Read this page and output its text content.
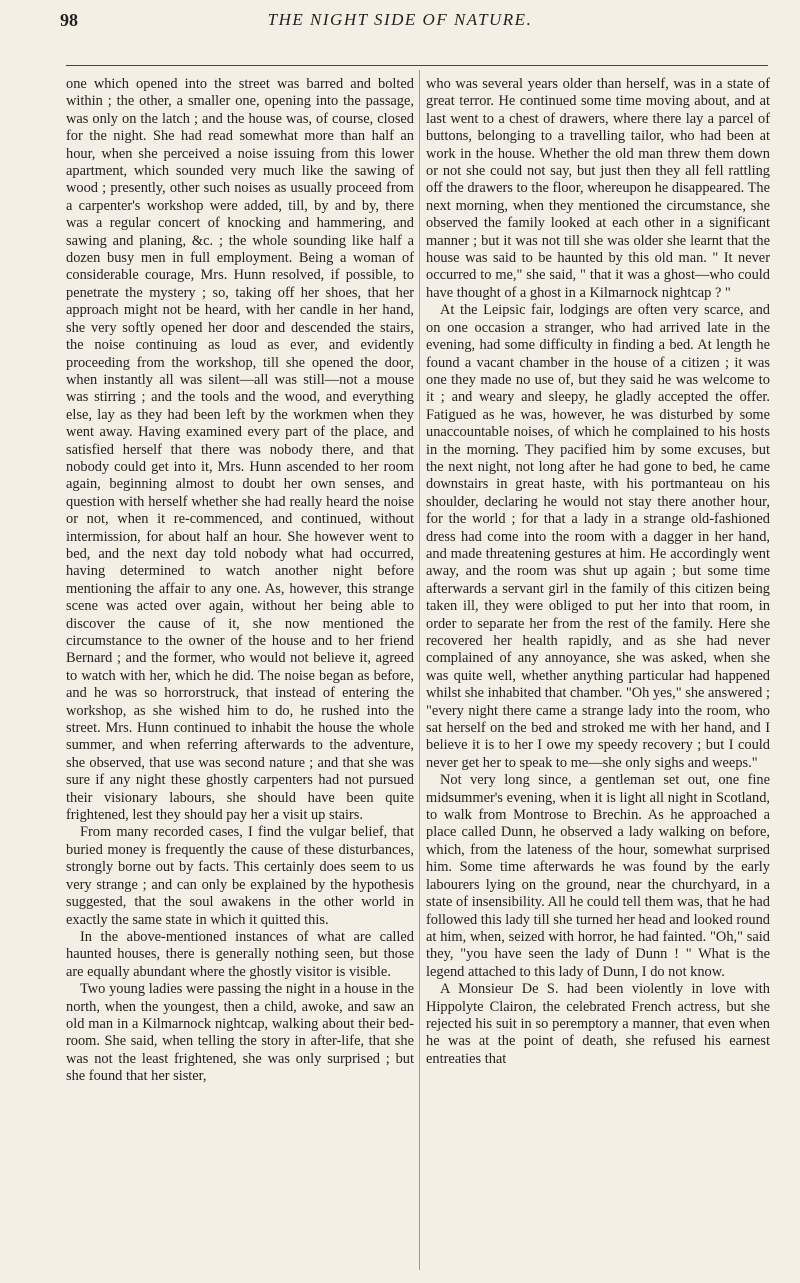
98	THE NIGHT SIDE OF NATURE.

one which opened into the street was barred and bolted within ; the other, a smaller one, opening into the passage, was only on the latch ; and the house was, of course, closed for the night. She had read somewhat more than half an hour, when she perceived a noise issuing from this lower apartment, which sounded very much like the sawing of wood ; presently, other such noises as usually proceed from a carpenter's workshop were added, till, by and by, there was a regular concert of knocking and hammering, and sawing and planing, &c. ; the whole sounding like half a dozen busy men in full employment. Being a woman of considerable courage, Mrs. Hunn resolved, if possible, to penetrate the mystery ; so, taking off her shoes, that her approach might not be heard, with her candle in her hand, she very softly opened her door and descended the stairs, the noise continuing as loud as ever, and evidently proceeding from the workshop, till she opened the door, when instantly all was silent—all was still—not a mouse was stirring ; and the tools and the wood, and everything else, lay as they had been left by the workmen when they went away. Having examined every part of the place, and satisfied herself that there was nobody there, and that nobody could get into it, Mrs. Hunn ascended to her room again, beginning almost to doubt her own senses, and question with herself whether she had really heard the noise or not, when it re-commenced, and continued, without intermission, for about half an hour. She however went to bed, and the next day told nobody what had occurred, having determined to watch another night before mentioning the affair to any one. As, however, this strange scene was acted over again, without her being able to discover the cause of it, she now mentioned the circumstance to the owner of the house and to her friend Bernard ; and the former, who would not believe it, agreed to watch with her, which he did. The noise began as before, and he was so horrorstruck, that instead of entering the workshop, as she wished him to do, he rushed into the street. Mrs. Hunn continued to inhabit the house the whole summer, and when referring afterwards to the adventure, she observed, that use was second nature ; and that she was sure if any night these ghostly carpenters had not pursued their visionary labours, she should have been quite frightened, lest they should pay her a visit up stairs.

From many recorded cases, I find the vulgar belief, that buried money is frequently the cause of these disturbances, strongly borne out by facts. This certainly does seem to us very strange ; and can only be explained by the hypothesis suggested, that the soul awakens in the other world in exactly the same state in which it quitted this.

In the above-mentioned instances of what are called haunted houses, there is generally nothing seen, but those are equally abundant where the ghostly visitor is visible.

Two young ladies were passing the night in a house in the north, when the youngest, then a child, awoke, and saw an old man in a Kilmarnock nightcap, walking about their bed-room. She said, when telling the story in after-life, that she was not the least frightened, she was only surprised ; but she found that her sister,

who was several years older than herself, was in a state of great terror. He continued some time moving about, and at last went to a chest of drawers, where there lay a parcel of buttons, belonging to a travelling tailor, who had been at work in the house. Whether the old man threw them down or not she could not say, but just then they all fell rattling off the drawers to the floor, whereupon he disappeared. The next morning, when they mentioned the circumstance, she observed the family looked at each other in a significant manner ; but it was not till she was older she learnt that the house was said to be haunted by this old man. " It never occurred to me," she said, " that it was a ghost—who could have thought of a ghost in a Kilmarnock nightcap ? "

At the Leipsic fair, lodgings are often very scarce, and on one occasion a stranger, who had arrived late in the evening, had some difficulty in finding a bed. At length he found a vacant chamber in the house of a citizen ; it was one they made no use of, but they said he was welcome to it ; and weary and sleepy, he gladly accepted the offer. Fatigued as he was, however, he was disturbed by some unaccountable noises, of which he complained to his hosts in the morning. They pacified him by some excuses, but the next night, not long after he had gone to bed, he came downstairs in great haste, with his portmanteau on his shoulder, declaring he would not stay there another hour, for the world ; for that a lady in a strange old-fashioned dress had come into the room with a dagger in her hand, and made threatening gestures at him. He accordingly went away, and the room was shut up again ; but some time afterwards a servant girl in the family of this citizen being taken ill, they were obliged to put her into that room, in order to separate her from the rest of the family. Here she recovered her health rapidly, and as she had never complained of any annoyance, she was asked, when she was quite well, whether anything particular had happened whilst she inhabited that chamber. "Oh yes," she answered ; "every night there came a strange lady into the room, who sat herself on the bed and stroked me with her hand, and I believe it is to her I owe my speedy recovery ; but I could never get her to speak to me—she only sighs and weeps."

Not very long since, a gentleman set out, one fine midsummer's evening, when it is light all night in Scotland, to walk from Montrose to Brechin. As he approached a place called Dunn, he observed a lady walking on before, which, from the lateness of the hour, somewhat surprised him. Some time afterwards he was found by the early labourers lying on the ground, near the churchyard, in a state of insensibility. All he could tell them was, that he had followed this lady till she turned her head and looked round at him, when, seized with horror, he had fainted. "Oh," said they, "you have seen the lady of Dunn ! " What is the legend attached to this lady of Dunn, I do not know.

A Monsieur De S. had been violently in love with Hippolyte Clairon, the celebrated French actress, but she rejected his suit in so peremptory a manner, that even when he was at the point of death, she refused his earnest entreaties that
